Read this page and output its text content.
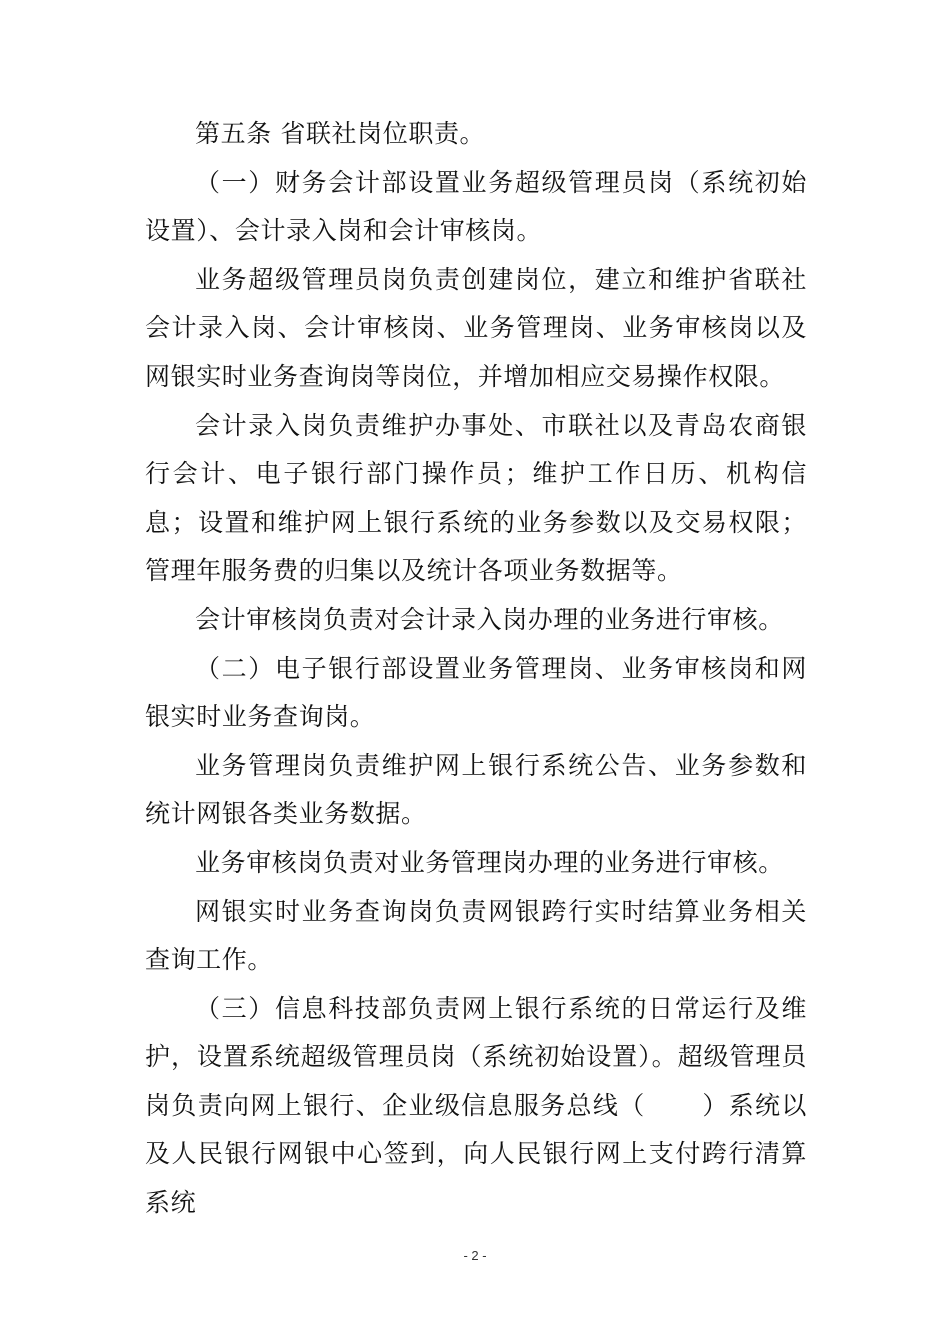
第五条 省联社岗位职责。

（一）财务会计部设置业务超级管理员岗（系统初始设置）、会计录入岗和会计审核岗。

业务超级管理员岗负责创建岗位，建立和维护省联社会计录入岗、会计审核岗、业务管理岗、业务审核岗以及网银实时业务查询岗等岗位，并增加相应交易操作权限。

会计录入岗负责维护办事处、市联社以及青岛农商银行会计、电子银行部门操作员；维护工作日历、机构信息；设置和维护网上银行系统的业务参数以及交易权限；管理年服务费的归集以及统计各项业务数据等。

会计审核岗负责对会计录入岗办理的业务进行审核。

（二）电子银行部设置业务管理岗、业务审核岗和网银实时业务查询岗。

业务管理岗负责维护网上银行系统公告、业务参数和统计网银各类业务数据。

业务审核岗负责对业务管理岗办理的业务进行审核。

网银实时业务查询岗负责网银跨行实时结算业务相关查询工作。

（三）信息科技部负责网上银行系统的日常运行及维护，设置系统超级管理员岗（系统初始设置）。超级管理员岗负责向网上银行、企业级信息服务总线（ ）系统以及人民银行网银中心签到，向人民银行网上支付跨行清算系统

- 2 -
